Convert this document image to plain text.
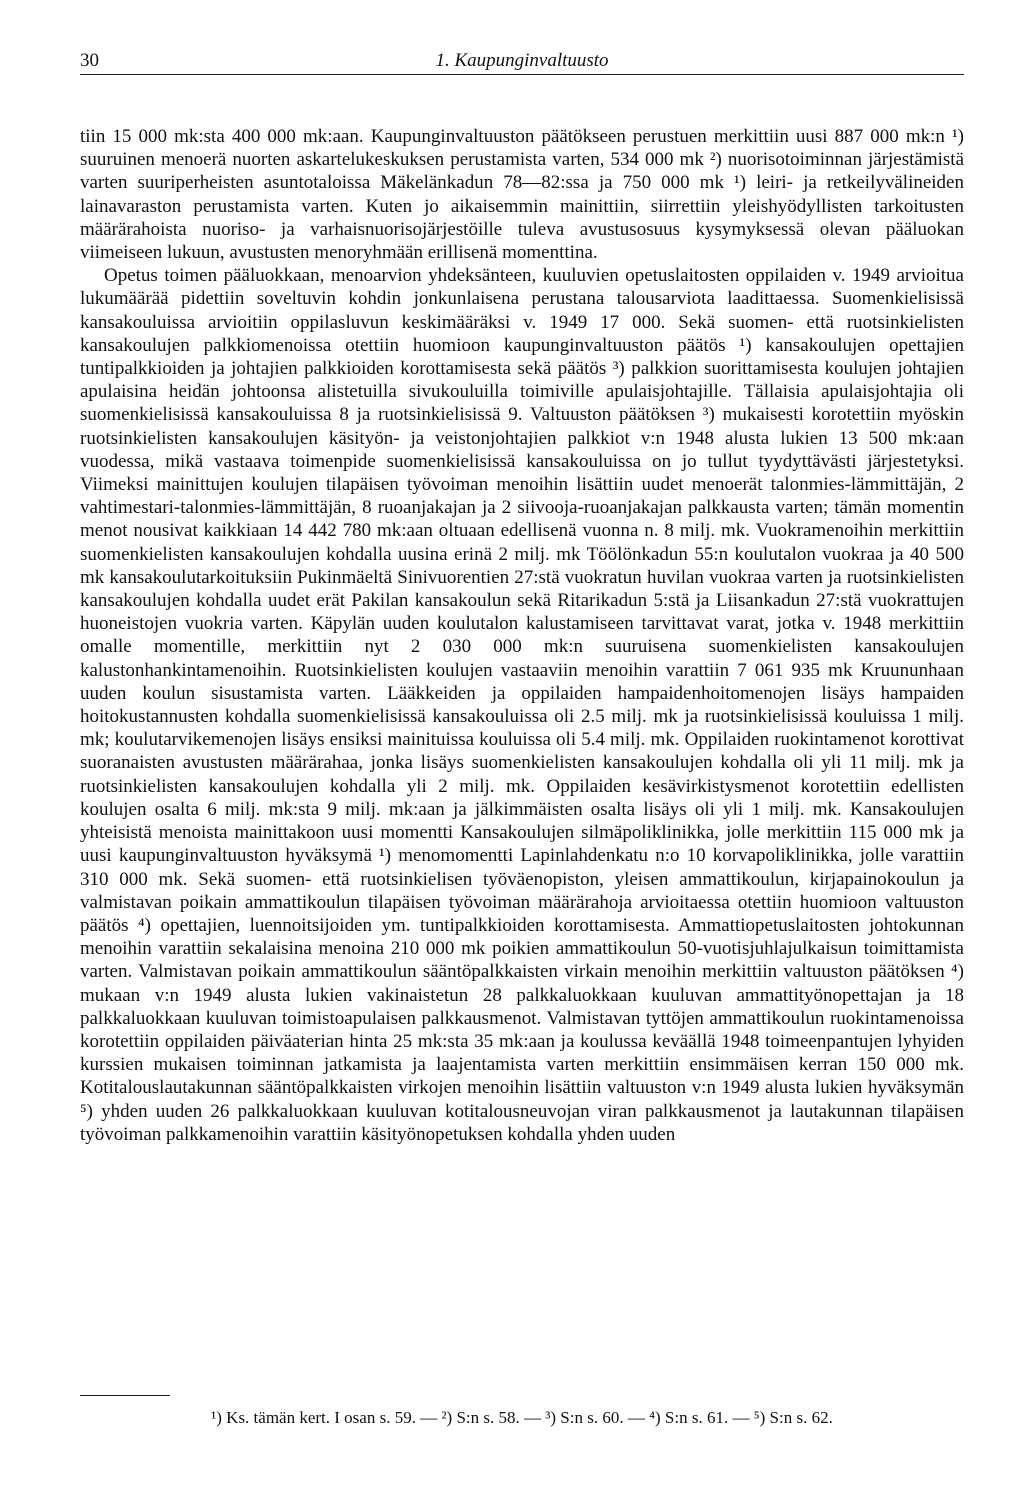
30	1. Kaupunginvaltuusto

tiin 15 000 mk:sta 400 000 mk:aan. Kaupunginvaltuuston päätökseen perustuen merkittiin uusi 887 000 mk:n ¹) suuruinen menoerä nuorten askartelukeskuksen perustamista varten, 534 000 mk ²) nuorisotoiminnan järjestämistä varten suuriperheisten asuntotaloissa Mäkelänkadun 78—82:ssa ja 750 000 mk ¹) leiri- ja retkeilyvälineiden lainavaraston perustamista varten. Kuten jo aikaisemmin mainittiin, siirrettiin yleishyödyllisten tarkoitusten määrärahoista nuoriso- ja varhaisnuorisojärjestöille tuleva avustusosuus kysymyksessä olevan pääluokan viimeiseen lukuun, avustusten menoryhmään erillisenä momenttina.

Opetus toimen pääluokkaan, menoarvion yhdeksänteen, kuuluvien opetuslaitosten oppilaiden v. 1949 arvioitua lukumäärää pidettiin soveltuvin kohdin jonkunlaisena perustana talousarviota laadittaessa. Suomenkielisissä kansakouluissa arvioitiin oppilasluvun keskimääräksi v. 1949 17 000. Sekä suomen- että ruotsinkielisten kansakoulujen palkkiomenoissa otettiin huomioon kaupunginvaltuuston päätös ¹) kansakoulujen opettajien tuntipalkkioiden ja johtajien palkkioiden korottamisesta sekä päätös ³) palkkion suorittamisesta koulujen johtajien apulaisina heidän johtoonsa alistetuilla sivukouluilla toimiville apulaisjohtajille. Tällaisia apulaisjohtajia oli suomenkielisissä kansakouluissa 8 ja ruotsinkielisissä 9. Valtuuston päätöksen ³) mukaisesti korotettiin myöskin ruotsinkielisten kansakoulujen käsityön- ja veistonjohtajien palkkiot v:n 1948 alusta lukien 13 500 mk:aan vuodessa, mikä vastaava toimenpide suomenkielisissä kansakouluissa on jo tullut tyydyttävästi järjestetyksi. Viimeksi mainittujen koulujen tilapäisen työvoiman menoihin lisättiin uudet menoerät talonmies-lämmittäjän, 2 vahtimestari-talonmies-lämmittäjän, 8 ruoanjakajan ja 2 siivooja-ruoanjakajan palkkausta varten; tämän momentin menot nousivat kaikkiaan 14 442 780 mk:aan oltuaan edellisenä vuonna n. 8 milj. mk. Vuokramenoihin merkittiin suomenkielisten kansakoulujen kohdalla uusina erinä 2 milj. mk Töölönkadun 55:n koulutalon vuokraa ja 40 500 mk kansakoulutarkoituksiin Pukinmäeltä Sinivuorentien 27:stä vuokratun huvilan vuokraa varten ja ruotsinkielisten kansakoulujen kohdalla uudet erät Pakilan kansakoulun sekä Ritarikadun 5:stä ja Liisankadun 27:stä vuokrattujen huoneistojen vuokria varten. Käpylän uuden koulutalon kalustamiseen tarvittavat varat, jotka v. 1948 merkittiin omalle momentille, merkittiin nyt 2 030 000 mk:n suuruisena suomenkielisten kansakoulujen kalustonhankintamenoihin. Ruotsinkielisten koulujen vastaaviin menoihin varattiin 7 061 935 mk Kruununhaan uuden koulun sisustamista varten. Lääkkeiden ja oppilaiden hampaidenhoitomenojen lisäys hampaiden hoitokustannusten kohdalla suomenkielisissä kansakouluissa oli 2.5 milj. mk ja ruotsinkielisissä kouluissa 1 milj. mk; koulutarvikemenojen lisäys ensiksi mainituissa kouluissa oli 5.4 milj. mk. Oppilaiden ruokintamenot korottivat suoranaisten avustusten määrärahaa, jonka lisäys suomenkielisten kansakoulujen kohdalla oli yli 11 milj. mk ja ruotsinkielisten kansakoulujen kohdalla yli 2 milj. mk. Oppilaiden kesävirkistysmenot korotettiin edellisten koulujen osalta 6 milj. mk:sta 9 milj. mk:aan ja jälkimmäisten osalta lisäys oli yli 1 milj. mk. Kansakoulujen yhteisistä menoista mainittakoon uusi momentti Kansakoulujen silmäpoliklinikka, jolle merkittiin 115 000 mk ja uusi kaupunginvaltuuston hyväksymä ¹) menomomentti Lapinlahdenkatu n:o 10 korvapoliklinikka, jolle varattiin 310 000 mk. Sekä suomen- että ruotsinkielisen työväenopiston, yleisen ammattikoulun, kirjapainokoulun ja valmistavan poikain ammattikoulun tilapäisen työvoiman määrärahoja arvioitaessa otettiin huomioon valtuuston päätös ⁴) opettajien, luennoitsijoiden ym. tuntipalkkioiden korottamisesta. Ammattiopetuslaitosten johtokunnan menoihin varattiin sekalaisina menoina 210 000 mk poikien ammattikoulun 50-vuotisjuhlajulkaisun toimittamista varten. Valmistavan poikain ammattikoulun sääntöpalkkaisten virkain menoihin merkittiin valtuuston päätöksen ⁴) mukaan v:n 1949 alusta lukien vakinaistetun 28 palkkaluokkaan kuuluvan ammattityönopettajan ja 18 palkkaluokkaan kuuluvan toimistoapulaisen palkkausmenot. Valmistavan tyttöjen ammattikoulun ruokintamenoissa korotettiin oppilaiden päiväaterian hinta 25 mk:sta 35 mk:aan ja koulussa keväällä 1948 toimeenpantujen lyhyiden kurssien mukaisen toiminnan jatkamista ja laajentamista varten merkittiin ensimmäisen kerran 150 000 mk. Kotitalouslautakunnan sääntöpalkkaisten virkojen menoihin lisättiin valtuuston v:n 1949 alusta lukien hyväksymän ⁵) yhden uuden 26 palkkaluokkaan kuuluvan kotitalousneuvojan viran palkkausmenot ja lautakunnan tilapäisen työvoiman palkkamenoihin varattiin käsityönopetuksen kohdalla yhden uuden

¹) Ks. tämän kert. I osan s. 59. — ²) S:n s. 58. — ³) S:n s. 60. — ⁴) S:n s. 61. — ⁵) S:n s. 62.
